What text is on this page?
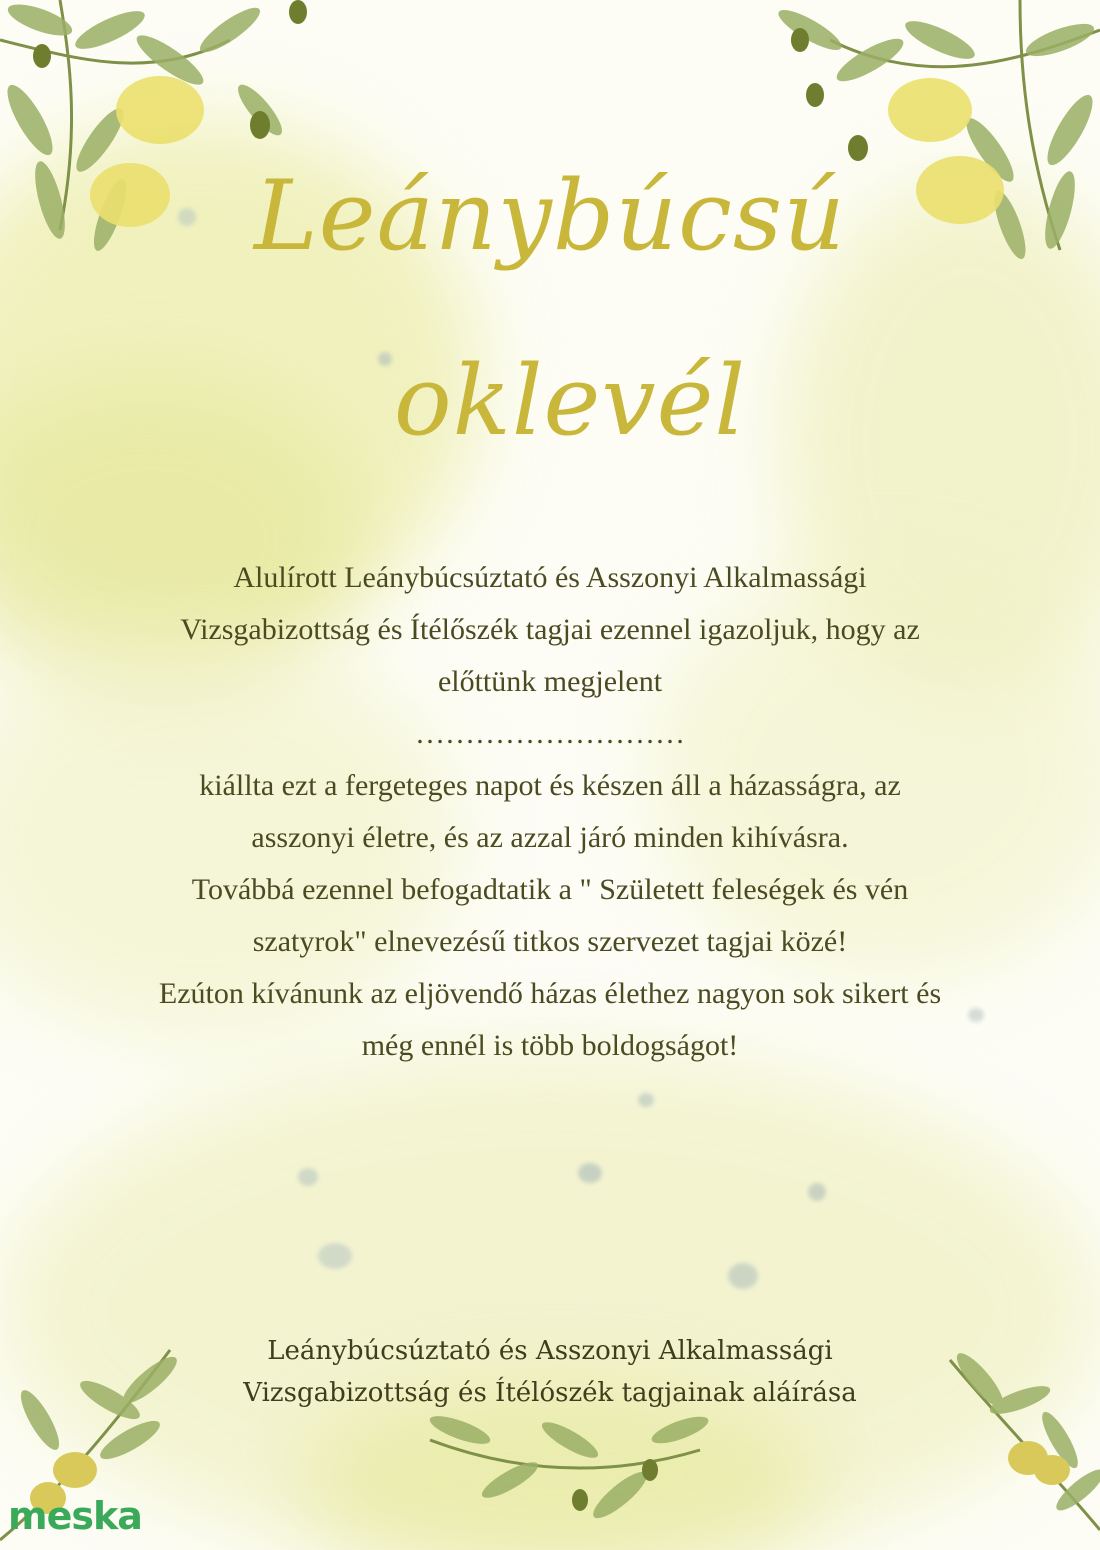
Leánybúcsú
oklevél

Alulírott Leánybúcsúztató és Asszonyi Alkalmassági

Vizsgabizottság és Ítélőszék tagjai ezennel igazoljuk, hogy az

előttünk megjelent

………………………

kiállta ezt a fergeteges napot és készen áll a házasságra, az

asszonyi életre, és az azzal járó minden kihívásra.

Továbbá ezennel befogadtatik a " Született feleségek és vén

szatyrok" elnevezésű titkos szervezet tagjai közé!

Ezúton kívánunk az eljövendő házas élethez nagyon sok sikert és

még ennél is több boldogságot!

Leánybúcsúztató és Asszonyi Alkalmassági

Vizsgabizottság és Ítélószék tagjainak aláírása

meska
